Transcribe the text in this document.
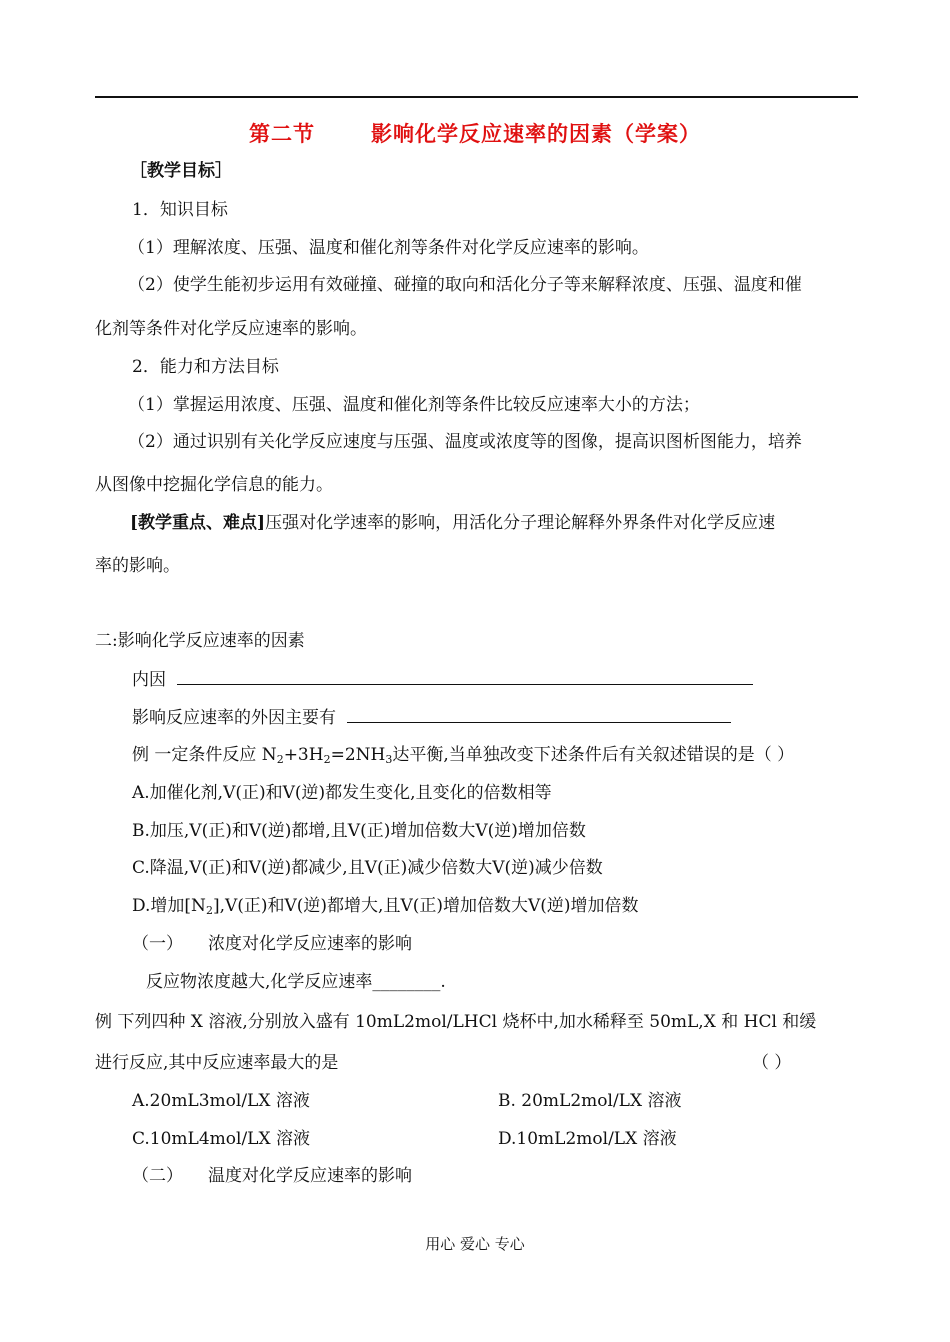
第二节	影响化学反应速率的因素（学案）
［教学目标］
1．知识目标
（1）理解浓度、压强、温度和催化剂等条件对化学反应速率的影响。
（2）使学生能初步运用有效碰撞、碰撞的取向和活化分子等来解释浓度、压强、温度和催
化剂等条件对化学反应速率的影响。
2．能力和方法目标
（1）掌握运用浓度、压强、温度和催化剂等条件比较反应速率大小的方法；
（2）通过识别有关化学反应速度与压强、温度或浓度等的图像，提高识图析图能力，培养
从图像中挖掘化学信息的能力。
[教学重点、难点]压强对化学速率的影响，用活化分子理论解释外界条件对化学反应速
率的影响。
二:影响化学反应速率的因素
内因
影响反应速率的外因主要有
例 一定条件反应 $N_2+3H_2=2NH_3$达平衡,当单独改变下述条件后有关叙述错误的是（ ）
A.加催化剂,V(正)和V(逆)都发生变化,且变化的倍数相等
B.加压,V(正)和V(逆)都增,且V(正)增加倍数大V(逆)增加倍数
C.降温,V(正)和V(逆)都减少,且V(正)减少倍数大V(逆)减少倍数
D.增加$[N_2],V$(正)和V(逆)都增大,且V(正)增加倍数大V(逆)增加倍数
（一） 浓度对化学反应速率的影响
反应物浓度越大,化学反应速率________.
例 下列四种 X 溶液,分别放入盛有 10mL2mol/LHCl 烧杯中,加水稀释至 50mL,X 和 HCl 和缓
进行反应,其中反应速率最大的是	（ ）
A.20mL3mol/LX 溶液	B. 20mL2mol/LX 溶液
C.10mL4mol/LX 溶液	D.10mL2mol/LX 溶液
（二） 温度对化学反应速率的影响
用心 爱心 专心
